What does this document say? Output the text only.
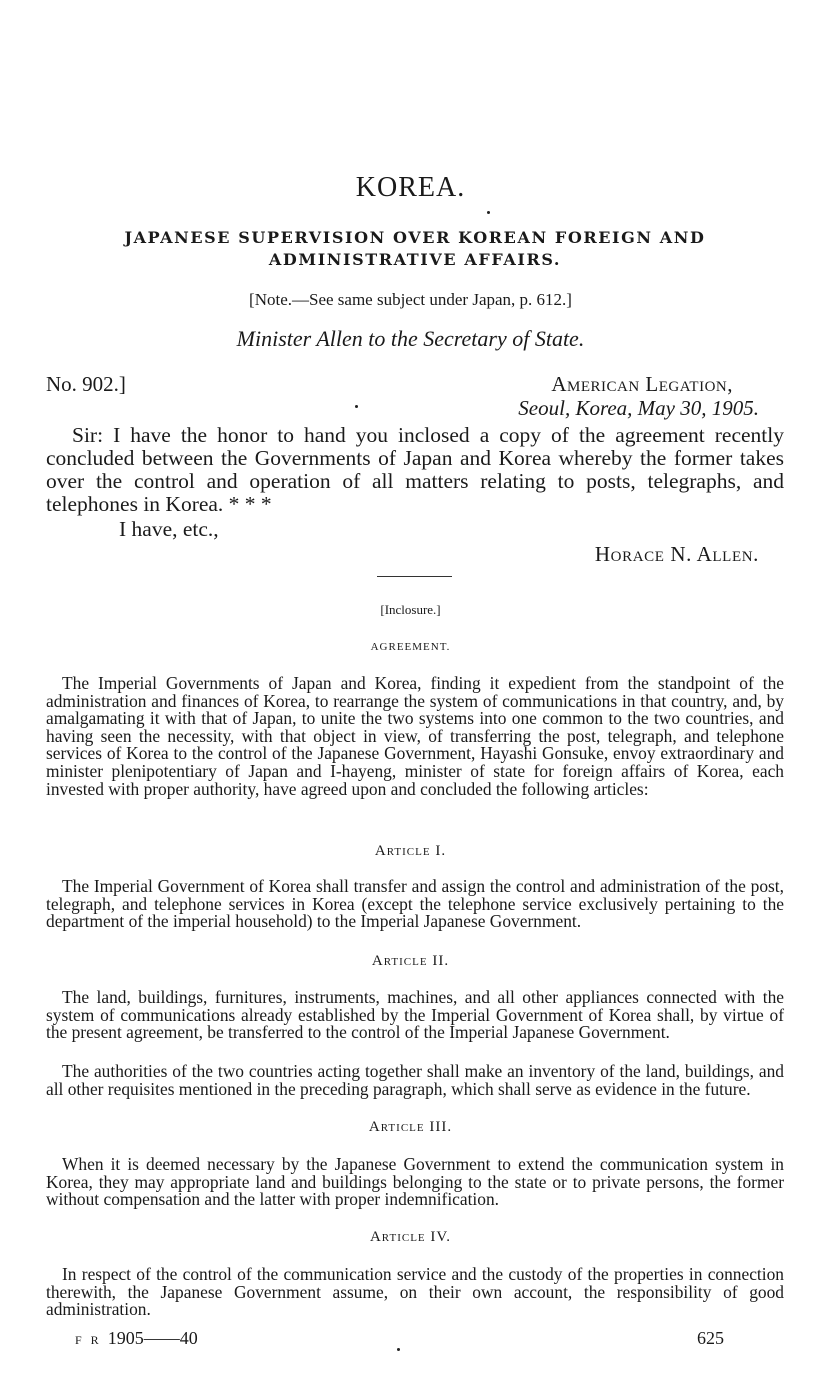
KOREA.
JAPANESE SUPERVISION OVER KOREAN FOREIGN AND ADMINISTRATIVE AFFAIRS.
[Note.—See same subject under Japan, p. 612.]
Minister Allen to the Secretary of State.
No. 902.]	American Legation,
Seoul, Korea, May 30, 1905.

Sir: I have the honor to hand you inclosed a copy of the agreement recently concluded between the Governments of Japan and Korea whereby the former takes over the control and operation of all matters relating to posts, telegraphs, and telephones in Korea. * * *

I have, etc.,
Horace N. Allen.
[Inclosure.]
AGREEMENT.

The Imperial Governments of Japan and Korea, finding it expedient from the standpoint of the administration and finances of Korea, to rearrange the system of communications in that country, and, by amalgamating it with that of Japan, to unite the two systems into one common to the two countries, and having seen the necessity, with that object in view, of transferring the post, telegraph, and telephone services of Korea to the control of the Japanese Government, Hayashi Gonsuke, envoy extraordinary and minister plenipotentiary of Japan and I-hayeng, minister of state for foreign affairs of Korea, each invested with proper authority, have agreed upon and concluded the following articles:

Article I.

The Imperial Government of Korea shall transfer and assign the control and administration of the post, telegraph, and telephone services in Korea (except the telephone service exclusively pertaining to the department of the imperial household) to the Imperial Japanese Government.

Article II.

The land, buildings, furnitures, instruments, machines, and all other appliances connected with the system of communications already established by the Imperial Government of Korea shall, by virtue of the present agreement, be transferred to the control of the Imperial Japanese Government.

The authorities of the two countries acting together shall make an inventory of the land, buildings, and all other requisites mentioned in the preceding paragraph, which shall serve as evidence in the future.

Article III.

When it is deemed necessary by the Japanese Government to extend the communication system in Korea, they may appropriate land and buildings belonging to the state or to private persons, the former without compensation and the latter with proper indemnification.

Article IV.

In respect of the control of the communication service and the custody of the properties in connection therewith, the Japanese Government assume, on their own account, the responsibility of good administration.

F R 1905——40	625
